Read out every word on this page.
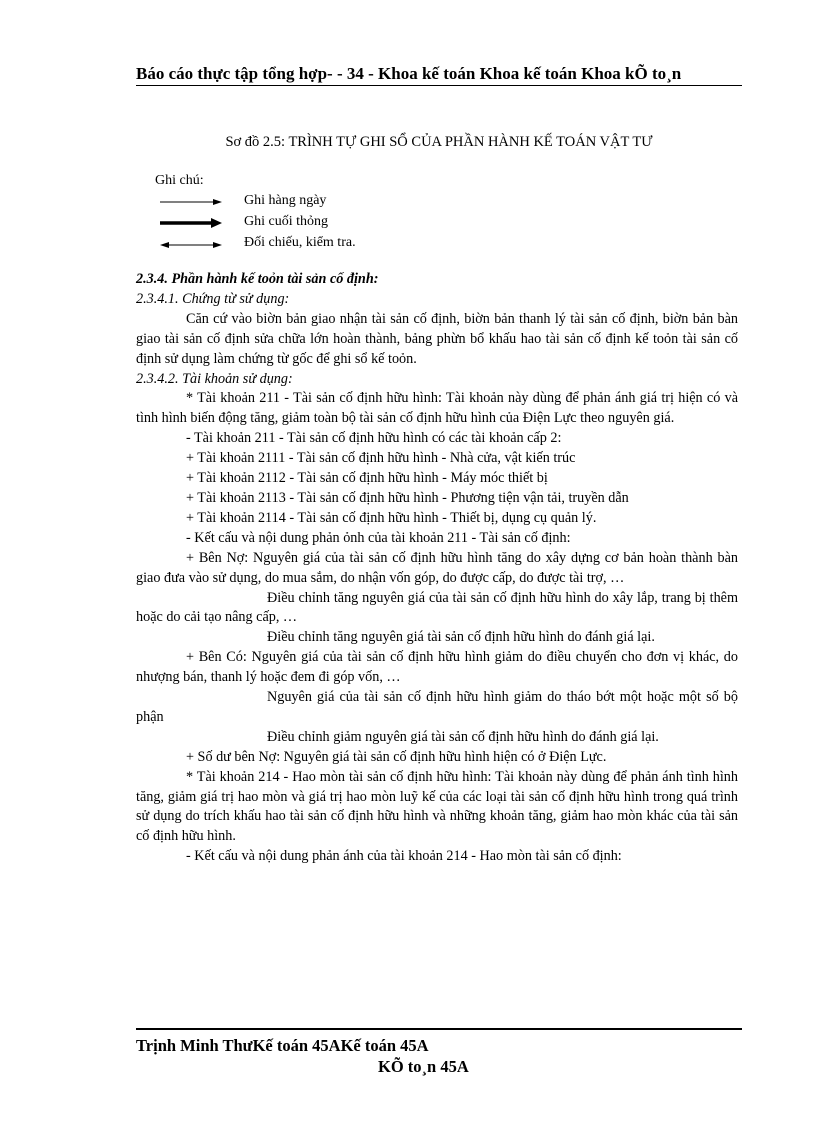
Báo cáo thực tập tổng hợp- - 34 - Khoa kế toán Khoa kế toán Khoa kÕ to¸n
Sơ đồ 2.5: TRÌNH TỰ GHI SỔ CỦA PHẦN HÀNH KẾ TOÁN VẬT TƯ
Ghi chú:
Ghi hàng ngày
Ghi cuối thỏng
Đối chiếu, kiểm tra.

2.3.4. Phần hành kế toỏn tài sản cố định:

2.3.4.1. Chứng từ sử dụng:

Căn cứ vào biờn bản giao nhận tài sản cố định, biờn bản thanh lý tài sản cố định, biờn bản bàn giao tài sản cố định sửa chữa lớn hoàn thành, bảng phừn bổ khấu hao tài sản cố định kế toỏn tài sản cố định sử dụng làm chứng từ gốc để ghi sổ kế toỏn.

2.3.4.2. Tài khoản sử dụng:

* Tài khoản 211 - Tài sản cố định hữu hình: Tài khoản này dùng để phản ánh giá trị hiện có và tình hình biến động tăng, giảm toàn bộ tài sản cố định hữu hình của Điện Lực theo nguyên giá.

- Tài khoản 211 - Tài sản cố định hữu hình có các tài khoản cấp 2:

+ Tài khoản 2111 - Tài sản cố định hữu hình - Nhà cửa, vật kiến trúc

+ Tài khoản 2112 - Tài sản cố định hữu hình - Máy móc thiết bị

+ Tài khoản 2113 - Tài sản cố định hữu hình - Phương tiện vận tải, truyền dẫn

+ Tài khoản 2114 - Tài sản cố định hữu hình - Thiết bị, dụng cụ quản lý.

- Kết cấu và nội dung phản ỏnh của tài khoản 211 - Tài sản cố định:

+ Bên Nợ: Nguyên giá của tài sản cố định hữu hình tăng do xây dựng cơ bản hoàn thành bàn giao đưa vào sử dụng, do mua sắm, do nhận vốn góp, do được cấp, do được tài trợ, …

Điều chỉnh tăng nguyên giá của tài sản cố định hữu hình do xây lắp, trang bị thêm hoặc do cải tạo nâng cấp, …

Điều chỉnh tăng nguyên giá tài sản cố định hữu hình do đánh giá lại.

+ Bên Có: Nguyên giá của tài sản cố định hữu hình giảm do điều chuyển cho đơn vị khác, do nhượng bán, thanh lý hoặc đem đi góp vốn, …

Nguyên giá của tài sản cố định hữu hình giảm do tháo bớt một hoặc một số bộ phận

Điều chỉnh giảm nguyên giá tài sản cố định hữu hình do đánh giá lại.

+ Số dư bên Nợ: Nguyên giá tài sản cố định hữu hình hiện có ở Điện Lực.

* Tài khoản 214 - Hao mòn tài sản cố định hữu hình: Tài khoản này dùng để phản ánh tình hình tăng, giảm giá trị hao mòn và giá trị hao mòn luỹ kế của các loại tài sản cố định hữu hình trong quá trình sử dụng do trích khấu hao tài sản cố định hữu hình và những khoản tăng, giảm hao mòn khác của tài sản cố định hữu hình.

- Kết cấu và nội dung phản ánh của tài khoản 214 - Hao mòn tài sản cố định:

Trịnh Minh ThưKế toán 45AKế toán 45A
KÕ to¸n 45A
